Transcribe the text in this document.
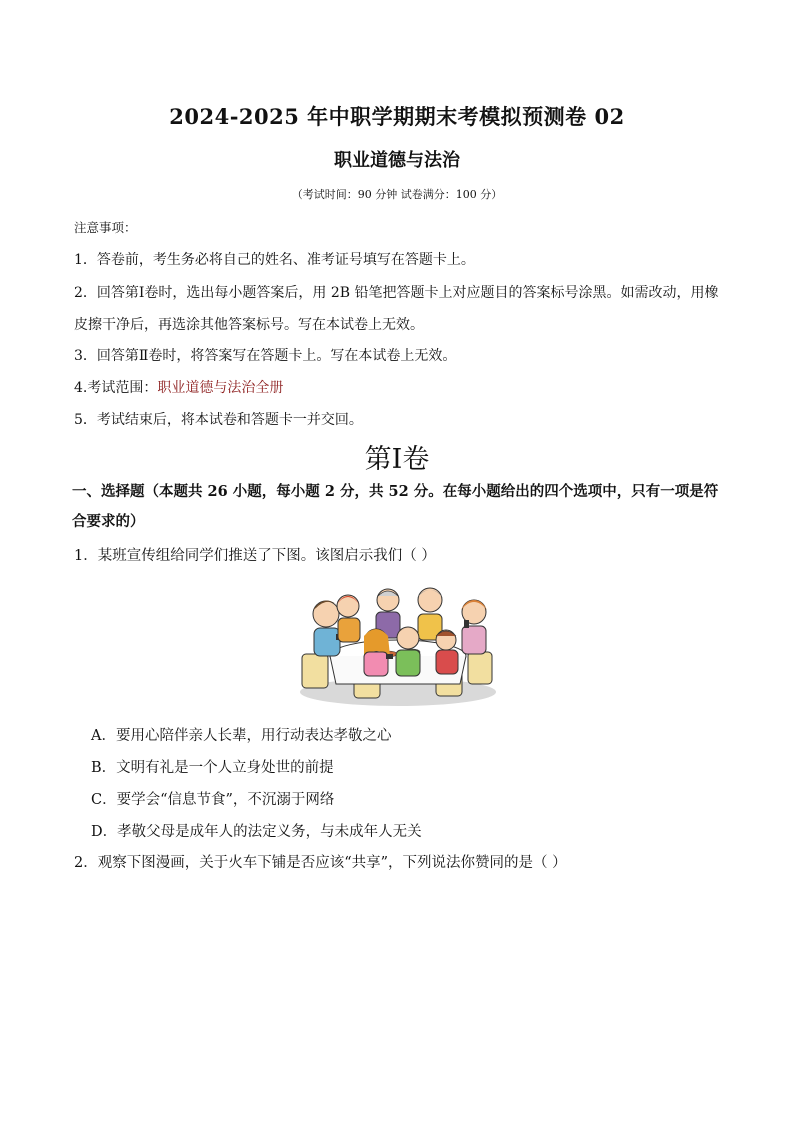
2024-2025 年中职学期期末考模拟预测卷 02
职业道德与法治
（考试时间：90 分钟 试卷满分：100 分）
注意事项：
1．答卷前，考生务必将自己的姓名、准考证号填写在答题卡上。
2．回答第Ⅰ卷时，选出每小题答案后，用 2B 铅笔把答题卡上对应题目的答案标号涂黑。如需改动，用橡
皮擦干净后，再选涂其他答案标号。写在本试卷上无效。
3．回答第Ⅱ卷时，将答案写在答题卡上。写在本试卷上无效。
4.考试范围：职业道德与法治全册
5．考试结束后，将本试卷和答题卡一并交回。
第Ⅰ卷
一、选择题（本题共 26 小题，每小题 2 分，共 52 分。在每小题给出的四个选项中，只有一项是符合要求的）
1．某班宣传组给同学们推送了下图。该图启示我们（ ）
A．要用心陪伴亲人长辈，用行动表达孝敬之心
B．文明有礼是一个人立身处世的前提
C．要学会“信息节食”，不沉溺于网络
D．孝敬父母是成年人的法定义务，与未成年人无关
2．观察下图漫画，关于火车下铺是否应该“共享”，下列说法你赞同的是（ ）
